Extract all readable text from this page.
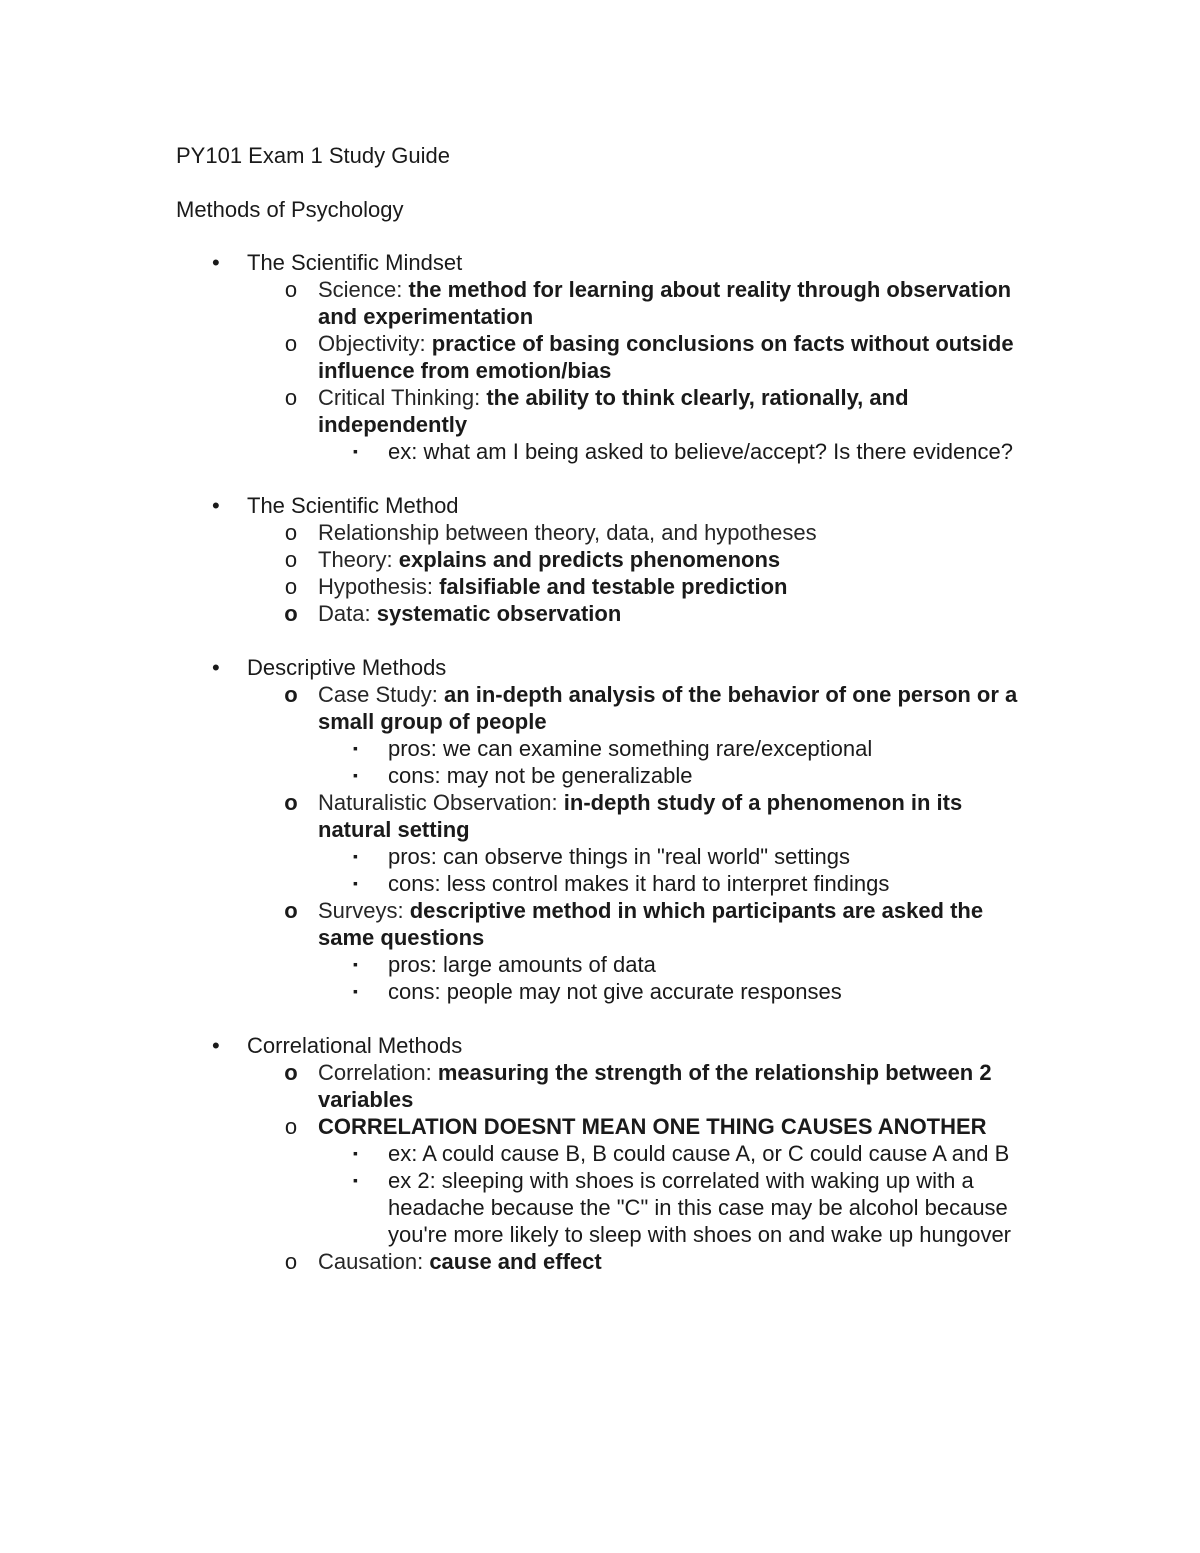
PY101 Exam 1 Study Guide
Methods of Psychology
• The Scientific Mindset
o Science: the method for learning about reality through observation and experimentation
o Objectivity: practice of basing conclusions on facts without outside influence from emotion/bias
o Critical Thinking: the ability to think clearly, rationally, and independently
▪ ex: what am I being asked to believe/accept? Is there evidence?
• The Scientific Method
o Relationship between theory, data, and hypotheses
o Theory: explains and predicts phenomenons
o Hypothesis: falsifiable and testable prediction
o Data: systematic observation
• Descriptive Methods
o Case Study: an in-depth analysis of the behavior of one person or a small group of people
▪ pros: we can examine something rare/exceptional
▪ cons: may not be generalizable
o Naturalistic Observation: in-depth study of a phenomenon in its natural setting
▪ pros: can observe things in "real world" settings
▪ cons: less control makes it hard to interpret findings
o Surveys: descriptive method in which participants are asked the same questions
▪ pros: large amounts of data
▪ cons: people may not give accurate responses
• Correlational Methods
o Correlation: measuring the strength of the relationship between 2 variables
o CORRELATION DOESNT MEAN ONE THING CAUSES ANOTHER
▪ ex: A could cause B, B could cause A, or C could cause A and B
▪ ex 2: sleeping with shoes is correlated with waking up with a headache because the "C" in this case may be alcohol because you're more likely to sleep with shoes on and wake up hungover
o Causation: cause and effect
